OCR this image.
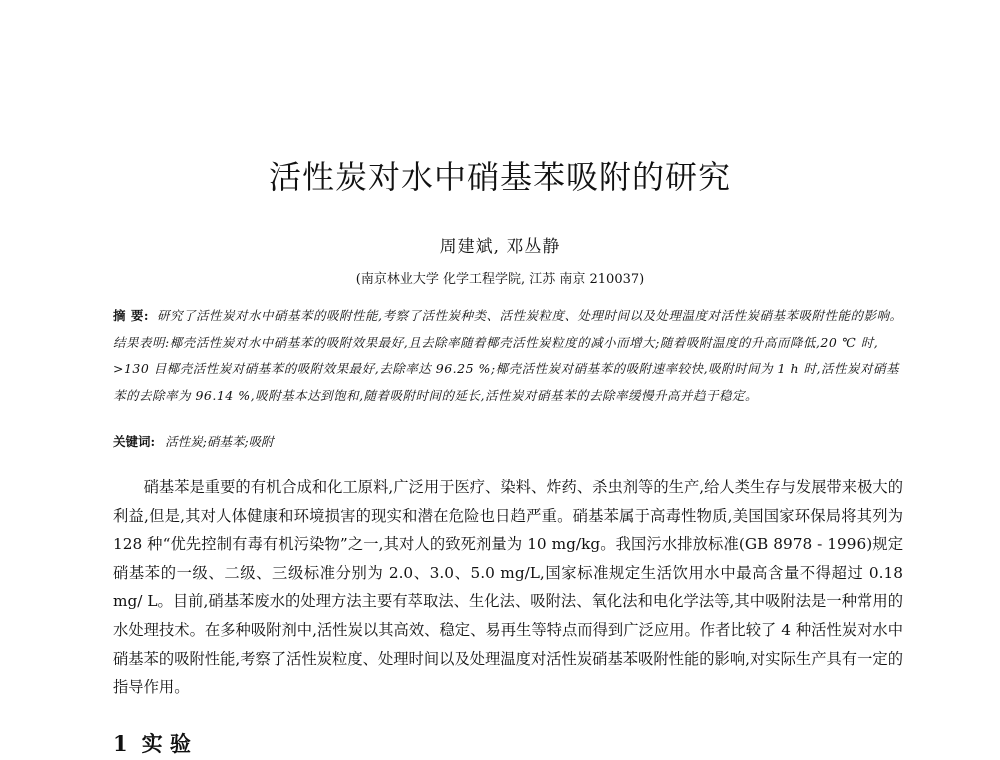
活性炭对水中硝基苯吸附的研究
周建斌, 邓丛静
(南京林业大学 化学工程学院, 江苏 南京 210037)
摘 要: 研究了活性炭对水中硝基苯的吸附性能,考察了活性炭种类、活性炭粒度、处理时间以及处理温度对活性炭硝基苯吸附性能的影响。结果表明:椰壳活性炭对水中硝基苯的吸附效果最好,且去除率随着椰壳活性炭粒度的减小而增大;随着吸附温度的升高而降低,20 ℃ 时, >130 目椰壳活性炭对硝基苯的吸附效果最好,去除率达 96.25 %;椰壳活性炭对硝基苯的吸附速率较快,吸附时间为 1 h 时,活性炭对硝基苯的去除率为 96.14 %,吸附基本达到饱和,随着吸附时间的延长,活性炭对硝基苯的去除率缓慢升高并趋于稳定。
关键词: 活性炭;硝基苯;吸附

硝基苯是重要的有机合成和化工原料,广泛用于医疗、染料、炸药、杀虫剂等的生产,给人类生存与发展带来极大的利益,但是,其对人体健康和环境损害的现实和潜在危险也日趋严重。硝基苯属于高毒性物质,美国国家环保局将其列为 128 种“优先控制有毒有机污染物”之一,其对人的致死剂量为 10 mg/kg。我国污水排放标准(GB 8978 - 1996)规定硝基苯的一级、二级、三级标准分别为 2.0、3.0、5.0 mg/L,国家标准规定生活饮用水中最高含量不得超过 0.18 mg/ L。目前,硝基苯废水的处理方法主要有萃取法、生化法、吸附法、氧化法和电化学法等,其中吸附法是一种常用的水处理技术。在多种吸附剂中,活性炭以其高效、稳定、易再生等特点而得到广泛应用。作者比较了 4 种活性炭对水中硝基苯的吸附性能,考察了活性炭粒度、处理时间以及处理温度对活性炭硝基苯吸附性能的影响,对实际生产具有一定的指导作用。

1 实 验
